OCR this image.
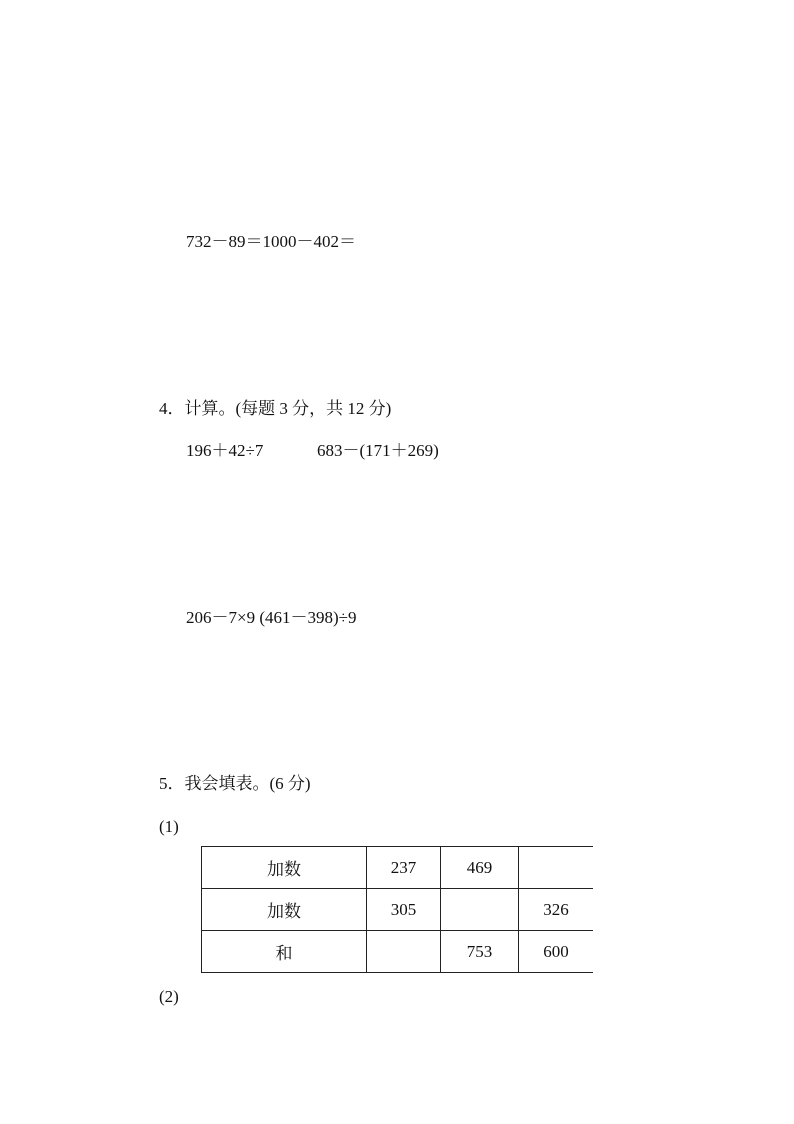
732－89＝1000－402＝
4．计算。(每题 3 分，共 12 分)
196＋42÷7	683－(171＋269)
206－7×9 (461－398)÷9
5．我会填表。(6 分)
(1)
加数	237	469	
加数	305		326
和		753	600
(2)
